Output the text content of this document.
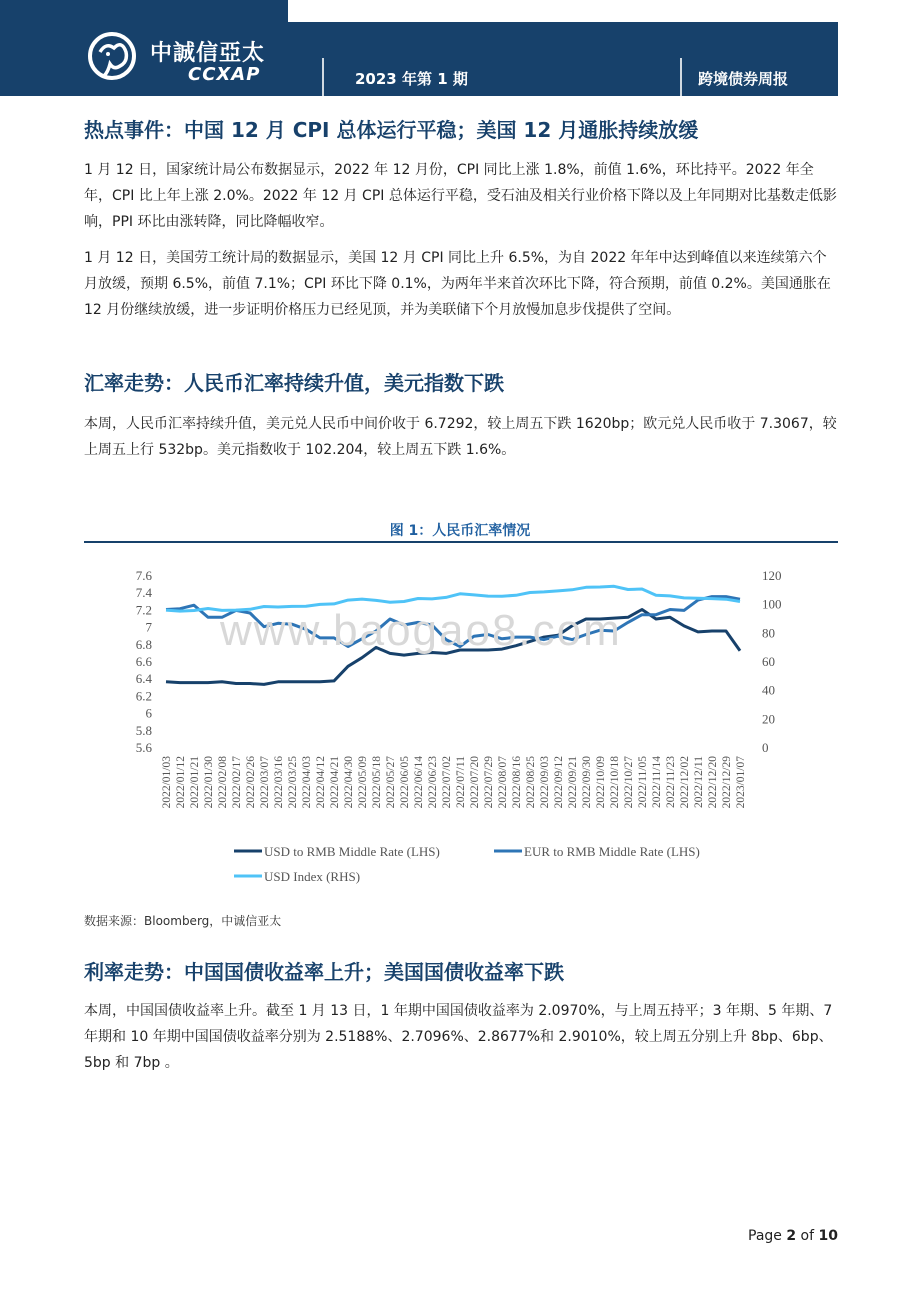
中誠信亞太
CCXAP	2023 年第 1 期	跨境债券周报
热点事件：中国 12 月 CPI 总体运行平稳；美国 12 月通胀持续放缓

1 月 12 日，国家统计局公布数据显示，2022 年 12 月份，CPI 同比上涨 1.8%，前值 1.6%，环比持平。2022 年全年，CPI 比上年上涨 2.0%。2022 年 12 月 CPI 总体运行平稳，受石油及相关行业价格下降以及上年同期对比基数走低影响，PPI 环比由涨转降，同比降幅收窄。

1 月 12 日，美国劳工统计局的数据显示，美国 12 月 CPI 同比上升 6.5%，为自 2022 年年中达到峰值以来连续第六个月放缓，预期 6.5%，前值 7.1%；CPI 环比下降 0.1%，为两年半来首次环比下降，符合预期，前值 0.2%。美国通胀在 12 月份继续放缓，进一步证明价格压力已经见顶，并为美联储下个月放慢加息步伐提供了空间。

汇率走势：人民币汇率持续升值，美元指数下跌

本周，人民币汇率持续升值，美元兑人民币中间价收于 6.7292，较上周五下跌 1620bp；欧元兑人民币收于 7.3067，较上周五上行 532bp。美元指数收于 102.204，较上周五下跌 1.6%。

图 1：人民币汇率情况
7.6
7.4
7.2
7
6.8
6.6
6.4
6.2
6
5.8
5.6
120
100
80
60
40
20
0
2022/01/03 2022/01/12 2022/01/21 2022/01/30 2022/02/08 2022/02/17 2022/02/26 2022/03/07 2022/03/16 2022/03/25 2022/04/03 2022/04/12 2022/04/21 2022/04/30 2022/05/09 2022/05/18 2022/05/27 2022/06/05 2022/06/14 2022/06/23 2022/07/02 2022/07/11 2022/07/20 2022/07/29 2022/08/07 2022/08/16 2022/08/25 2022/09/03 2022/09/12 2022/09/21 2022/09/30 2022/10/09 2022/10/18 2022/10/27 2022/11/05 2022/11/14 2022/11/23 2022/12/02 2022/12/11 2022/12/20 2022/12/29 2023/01/07
USD to RMB Middle Rate (LHS)	EUR to RMB Middle Rate (LHS)
USD Index (RHS)
www.baogao8.com
数据来源：Bloomberg，中诚信亚太
利率走势：中国国债收益率上升；美国国债收益率下跌

本周，中国国债收益率上升。截至 1 月 13 日，1 年期中国国债收益率为 2.0970%，与上周五持平；3 年期、5 年期、7 年期和 10 年期中国国债收益率分别为 2.5188%、2.7096%、2.8677%和 2.9010%，较上周五分别上升 8bp、6bp、5bp 和 7bp 。

Page 2 of 10
